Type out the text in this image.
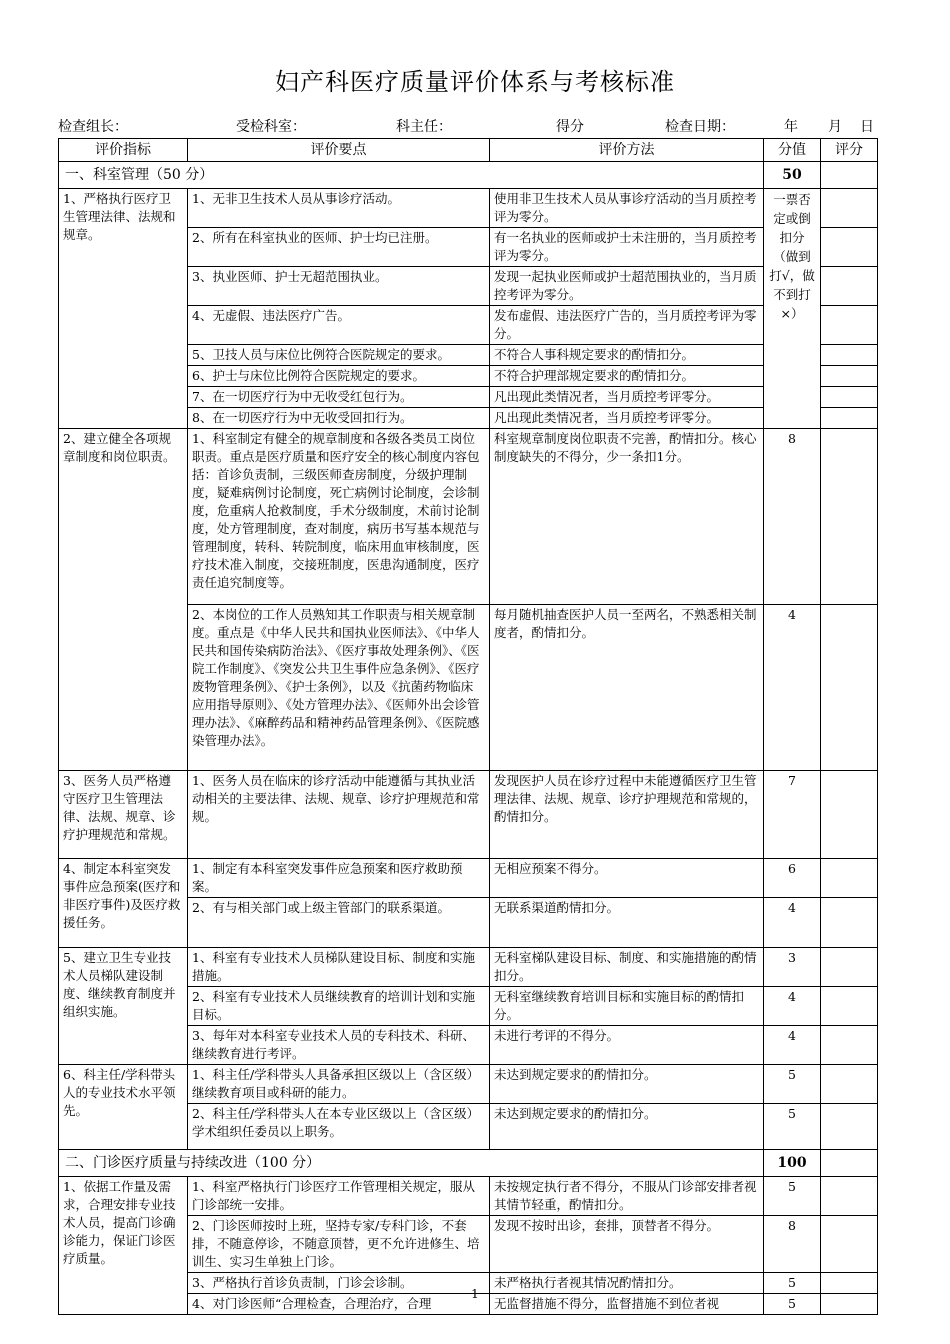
妇产科医疗质量评价体系与考核标准
检查组长：	受检科室：	科主任：	得分	检查日期：	年 月 日
评价指标	评价要点	评价方法	分值	评分
一、科室管理（50 分）			50	
1、严格执行医疗卫生管理法律、法规和规章。	1、无非卫生技术人员从事诊疗活动。	使用非卫生技术人员从事诊疗活动的当月质控考评为零分。	一票否定或倒扣分（做到打√，做不到打×）	
	2、所有在科室执业的医师、护士均已注册。	有一名执业的医师或护士未注册的，当月质控考评为零分。		
	3、执业医师、护士无超范围执业。	发现一起执业医师或护士超范围执业的，当月质控考评为零分。		
	4、无虚假、违法医疗广告。	发布虚假、违法医疗广告的，当月质控考评为零分。		
	5、卫技人员与床位比例符合医院规定的要求。	不符合人事科规定要求的酌情扣分。		
	6、护士与床位比例符合医院规定的要求。	不符合护理部规定要求的酌情扣分。		
	7、在一切医疗行为中无收受红包行为。	凡出现此类情况者，当月质控考评零分。		
	8、在一切医疗行为中无收受回扣行为。	凡出现此类情况者，当月质控考评零分。		
2、建立健全各项规章制度和岗位职责。	1、科室制定有健全的规章制度和各级各类员工岗位职责。重点是医疗质量和医疗安全的核心制度内容包括：首诊负责制，三级医师查房制度，分级护理制度，疑难病例讨论制度，死亡病例讨论制度，会诊制度，危重病人抢救制度，手术分级制度，术前讨论制度，处方管理制度，查对制度，病历书写基本规范与管理制度，转科、转院制度，临床用血审核制度，医疗技术准入制度，交接班制度，医患沟通制度，医疗责任追究制度等。	科室规章制度岗位职责不完善，酌情扣分。核心制度缺失的不得分，少一条扣1分。	8	
	2、本岗位的工作人员熟知其工作职责与相关规章制度。重点是《中华人民共和国执业医师法》、《中华人民共和国传染病防治法》、《医疗事故处理条例》、《医院工作制度》、《突发公共卫生事件应急条例》、《医疗废物管理条例》、《护士条例》，以及《抗菌药物临床应用指导原则》、《处方管理办法》、《医师外出会诊管理办法》、《麻醉药品和精神药品管理条例》、《医院感染管理办法》。	每月随机抽查医护人员一至两名，不熟悉相关制度者，酌情扣分。	4	
3、医务人员严格遵守医疗卫生管理法律、法规、规章、诊疗护理规范和常规。	1、医务人员在临床的诊疗活动中能遵循与其执业活动相关的主要法律、法规、规章、诊疗护理规范和常规。	发现医护人员在诊疗过程中未能遵循医疗卫生管理法律、法规、规章、诊疗护理规范和常规的，酌情扣分。	7	
4、制定本科室突发事件应急预案(医疗和非医疗事件)及医疗救援任务。	1、制定有本科室突发事件应急预案和医疗救助预案。	无相应预案不得分。	6	
	2、有与相关部门或上级主管部门的联系渠道。	无联系渠道酌情扣分。	4	
5、建立卫生专业技术人员梯队建设制度、继续教育制度并组织实施。	1、科室有专业技术人员梯队建设目标、制度和实施措施。	无科室梯队建设目标、制度、和实施措施的酌情扣分。	3	
	2、科室有专业技术人员继续教育的培训计划和实施目标。	无科室继续教育培训目标和实施目标的酌情扣分。	4	
	3、每年对本科室专业技术人员的专科技术、科研、继续教育进行考评。	未进行考评的不得分。	4	
6、科主任/学科带头人的专业技术水平领先。	1、科主任/学科带头人具备承担区级以上（含区级）继续教育项目或科研的能力。	未达到规定要求的酌情扣分。	5	
	2、科主任/学科带头人在本专业区级以上（含区级）学术组织任委员以上职务。	未达到规定要求的酌情扣分。	5	
二、门诊医疗质量与持续改进（100 分）			100	
1、依据工作量及需求，合理安排专业技术人员，提高门诊确诊能力，保证门诊医疗质量。	1、科室严格执行门诊医疗工作管理相关规定，服从门诊部统一安排。	未按规定执行者不得分，不服从门诊部安排者视其情节轻重，酌情扣分。	5	
	2、门诊医师按时上班，坚持专家/专科门诊，不套排，不随意停诊，不随意顶替，更不允许进修生、培训生、实习生单独上门诊。	发现不按时出诊，套排，顶替者不得分。	8	
	3、严格执行首诊负责制，门诊会诊制。	未严格执行者视其情况酌情扣分。	5	
	4、对门诊医师“合理检查，合理治疗，合理	无监督措施不得分，监督措施不到位者视	5	
1
